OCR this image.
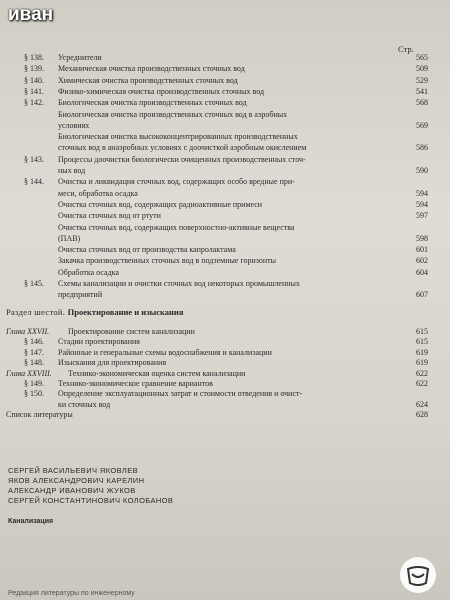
иван
Стр.
§ 138. Усреднители	565
§ 139. Механическая очистка производственных сточных вод	509
§ 140. Химическая очистка производственных сточных вод	529
§ 141. Физико-химическая очистка производственных сточных вод	541
§ 142. Биологическая очистка производственных сточных вод	568
Биологическая очистка производственных сточных вод в аэробных
условиях	569
Биологическая очистка высококонцентрированных производственных
сточных вод в анаэробных условиях с доочисткой аэробным окислением	586
§ 143. Процессы доочистки биологически очищенных производственных сточ-
ных вод	590
§ 144. Очистка и ликвидация сточных вод, содержащих особо вредные при-
меси, обработка осадка	594
Очистка сточных вод, содержащих радиоактивные примеси	594
Очистка сточных вод от ртути	597
Очистка сточных вод, содержащих поверхностно-активные вещества
(ПАВ)	598
Очистка сточных вод от производства капролактама	601
Закачка производственных сточных вод в подземные горизонты	602
Обработка осадка	604
§ 145. Схемы канализации и очистки сточных вод некоторых промышленных
предприятий	607
Раздел шестой. Проектирование и изыскания
Глава XXVII. Проектирование систем канализации	615
§ 146. Стадии проектирования	615
§ 147. Районные и генеральные схемы водоснабжения и канализации	619
§ 148. Изыскания для проектирования	619
Глава XXVIII. Технико-экономическая оценка систем канализации	622
§ 149. Технико-экономическое сравнение вариантов	622
§ 150. Определение эксплуатационных затрат и стоимости отведения и очист-
ки сточных вод	624
Список литературы	628
СЕРГЕЙ ВАСИЛЬЕВИЧ ЯКОВЛЕВ
ЯКОВ АЛЕКСАНДРОВИЧ КАРЕЛИН
АЛЕКСАНДР ИВАНОВИЧ ЖУКОВ
СЕРГЕЙ КОНСТАНТИНОВИЧ КОЛОБАНОВ
Канализация
Редакция литературы по инженерному
